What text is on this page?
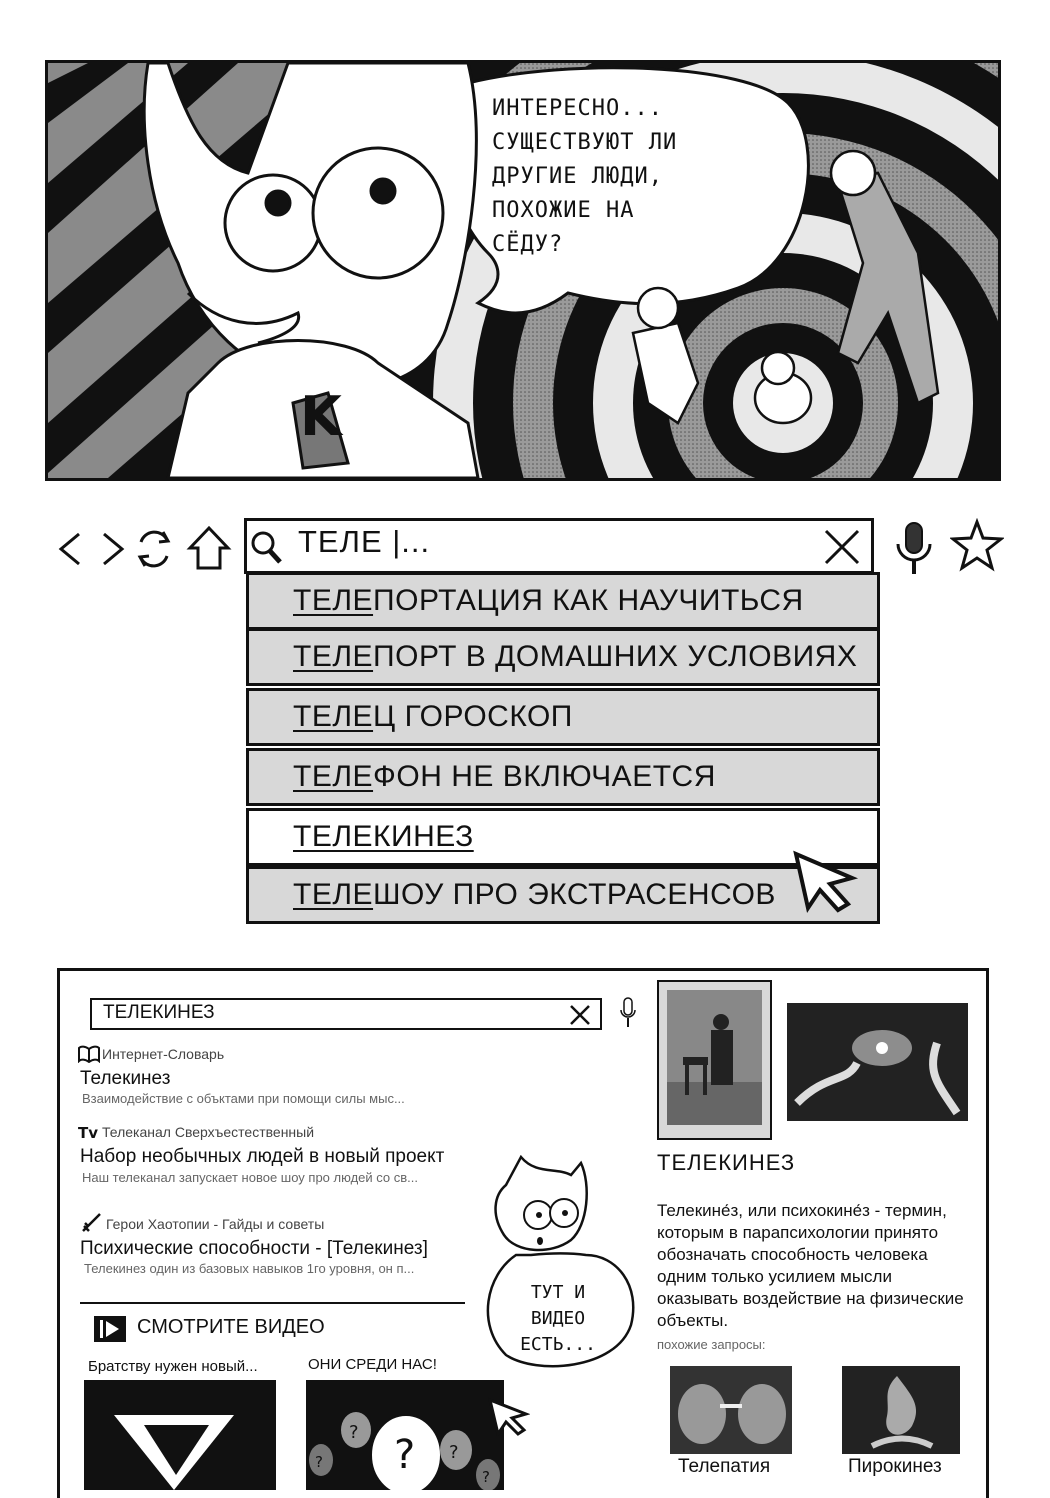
K
ИНТЕРЕСНО...
СУЩЕСТВУЮТ ЛИ
ДРУГИЕ ЛЮДИ,
ПОХОЖИЕ НА
СЁДУ?
ТЕЛЕ |...
ТЕЛЕПОРТАЦИЯ КАК НАУЧИТЬСЯ
ТЕЛЕПОРТ В ДОМАШНИХ УСЛОВИЯХ
ТЕЛЕЦ ГОРОСКОП
ТЕЛЕФОН НЕ ВКЛЮЧАЕТСЯ
ТЕЛЕКИНЕЗ
ТЕЛЕШОУ ПРО ЭКСТРАСЕНСОВ
ТЕЛЕКИНЕЗ
Интернет-Словарь
Телекинез
Взаимодействие с объктами при помощи силы мыс...
Tv Телеканал Сверхъестественный
Набор необычных людей в новый проект
Наш телеканал запускает новое шоу про людей со св...
Герои Хаотопии - Гайды и советы
Психические способности - [Телекинез]
Телекинез один из базовых навыков 1го уровня, он п...
ТУТ И
ВИДЕО
ЕСТЬ...
СМОТРИТЕ ВИДЕО
Братству нужен новый...	ОНИ СРЕДИ НАС!
?
?
?
?
?
ТЕЛЕКИНЕЗ
Телекине́з, или психокине́з - термин, которым в парапсихологии принято обозначать способность человека одним только усилием мысли оказывать воздействие на физические объекты.
похожие запросы:
Телепатия	Пирокинез
